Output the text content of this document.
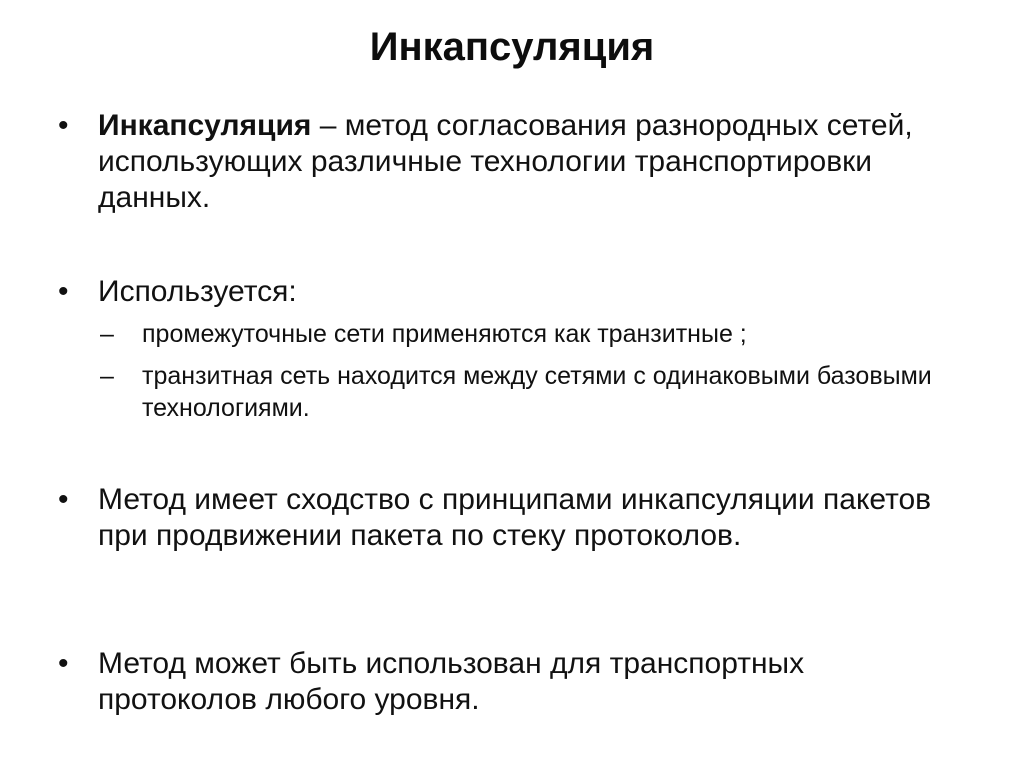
Инкапсуляция
• Инкапсуляция – метод согласования разнородных сетей, использующих различные технологии транспортировки данных.
• Используется:
– промежуточные сети применяются как транзитные ;
– транзитная сеть находится между сетями с одинаковыми базовыми технологиями.
• Метод имеет сходство с принципами инкапсуляции пакетов при продвижении пакета по стеку протоколов.
• Метод может быть использован для транспортных протоколов любого уровня.
